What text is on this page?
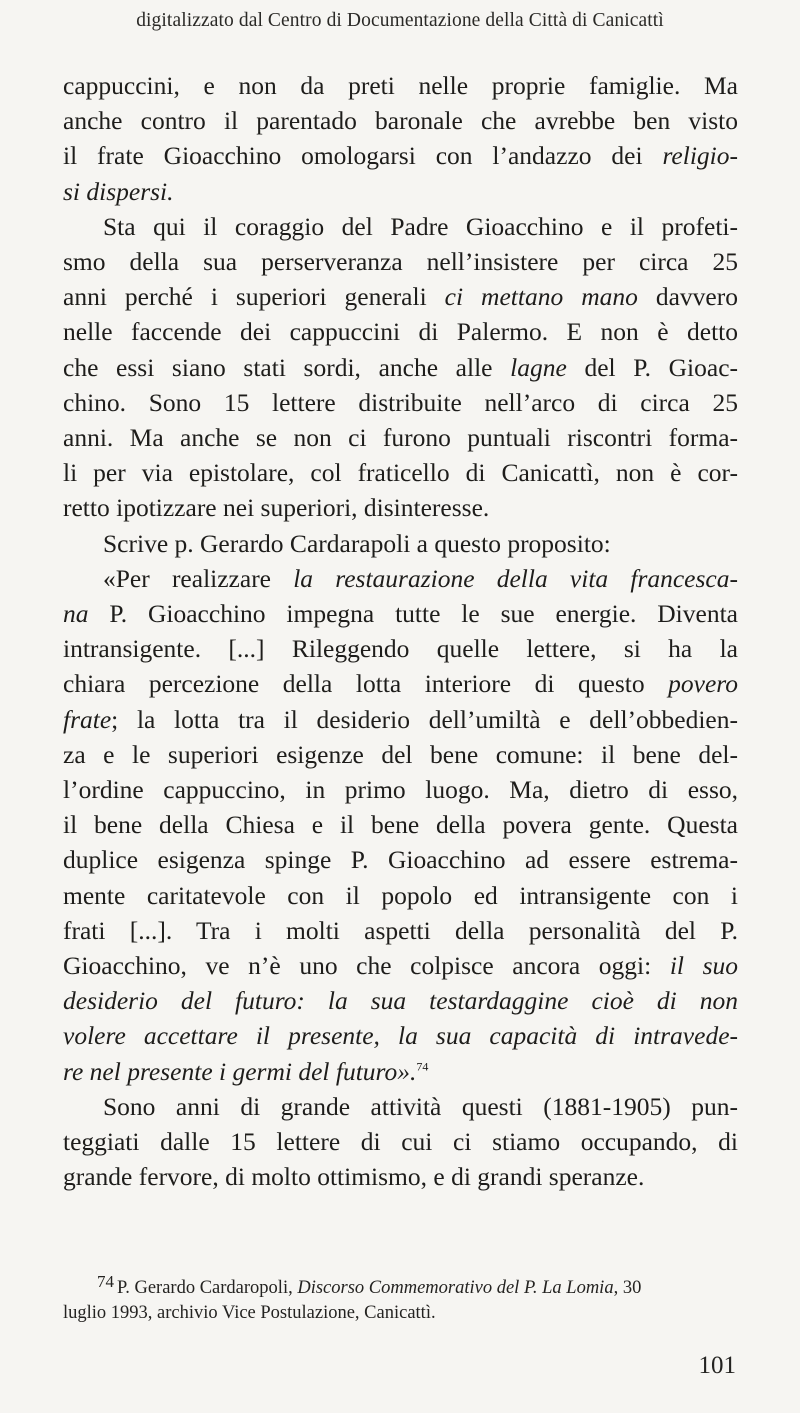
digitalizzato dal Centro di Documentazione della Città di Canicattì
cappuccini, e non da preti nelle proprie famiglie. Ma
anche contro il parentado baronale che avrebbe ben visto
il frate Gioacchino omologarsi con l’andazzo dei religio-
si dispersi.
Sta qui il coraggio del Padre Gioacchino e il profeti-
smo della sua perserveranza nell’insistere per circa 25
anni perché i superiori generali ci mettano mano davvero
nelle faccende dei cappuccini di Palermo. E non è detto
che essi siano stati sordi, anche alle lagne del P. Gioac-
chino. Sono 15 lettere distribuite nell’arco di circa 25
anni. Ma anche se non ci furono puntuali riscontri forma-
li per via epistolare, col fraticello di Canicattì, non è cor-
retto ipotizzare nei superiori, disinteresse.
Scrive p. Gerardo Cardarapoli a questo proposito:
«Per realizzare la restaurazione della vita francesca-
na P. Gioacchino impegna tutte le sue energie. Diventa
intransigente. [...] Rileggendo quelle lettere, si ha la
chiara percezione della lotta interiore di questo povero
frate; la lotta tra il desiderio dell’umiltà e dell’obbedien-
za e le superiori esigenze del bene comune: il bene del-
l’ordine cappuccino, in primo luogo. Ma, dietro di esso,
il bene della Chiesa e il bene della povera gente. Questa
duplice esigenza spinge P. Gioacchino ad essere estrema-
mente caritatevole con il popolo ed intransigente con i
frati [...]. Tra i molti aspetti della personalità del P.
Gioacchino, ve n’è uno che colpisce ancora oggi: il suo
desiderio del futuro: la sua testardaggine cioè di non
volere accettare il presente, la sua capacità di intravede-
re nel presente i germi del futuro».$^{74}$
Sono anni di grande attività questi (1881-1905) pun-
teggiati dalle 15 lettere di cui ci stiamo occupando, di
grande fervore, di molto ottimismo, e di grandi speranze.
74 P. Gerardo Cardaropoli, Discorso Commemorativo del P. La Lomia, 30
luglio 1993, archivio Vice Postulazione, Canicattì.
101
